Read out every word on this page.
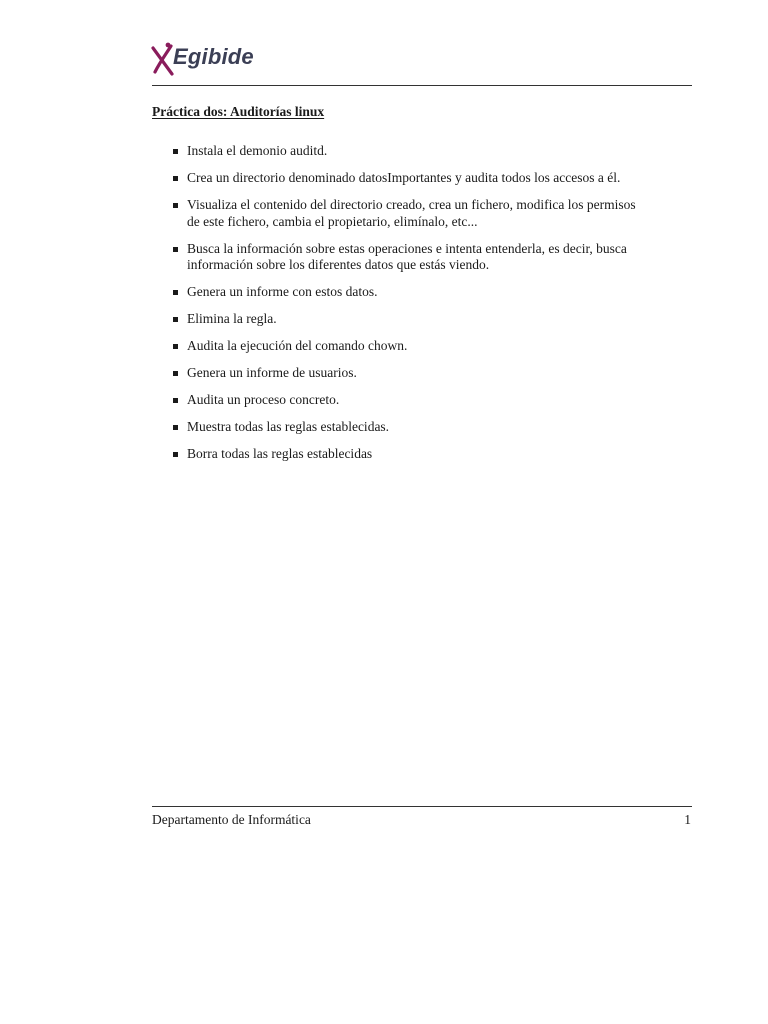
Egibide
Práctica dos: Auditorías linux
Instala el demonio auditd.
Crea un directorio denominado datosImportantes y audita todos los accesos a él.
Visualiza el contenido del directorio creado, crea un fichero, modifica los permisos de este fichero, cambia el propietario, elimínalo, etc...
Busca la información sobre estas operaciones e intenta entenderla, es decir, busca información sobre los diferentes datos que estás viendo.
Genera un informe con estos datos.
Elimina la regla.
Audita la ejecución del comando chown.
Genera un informe de usuarios.
Audita un proceso concreto.
Muestra todas las reglas establecidas.
Borra todas las reglas establecidas
Departamento de Informática	1
